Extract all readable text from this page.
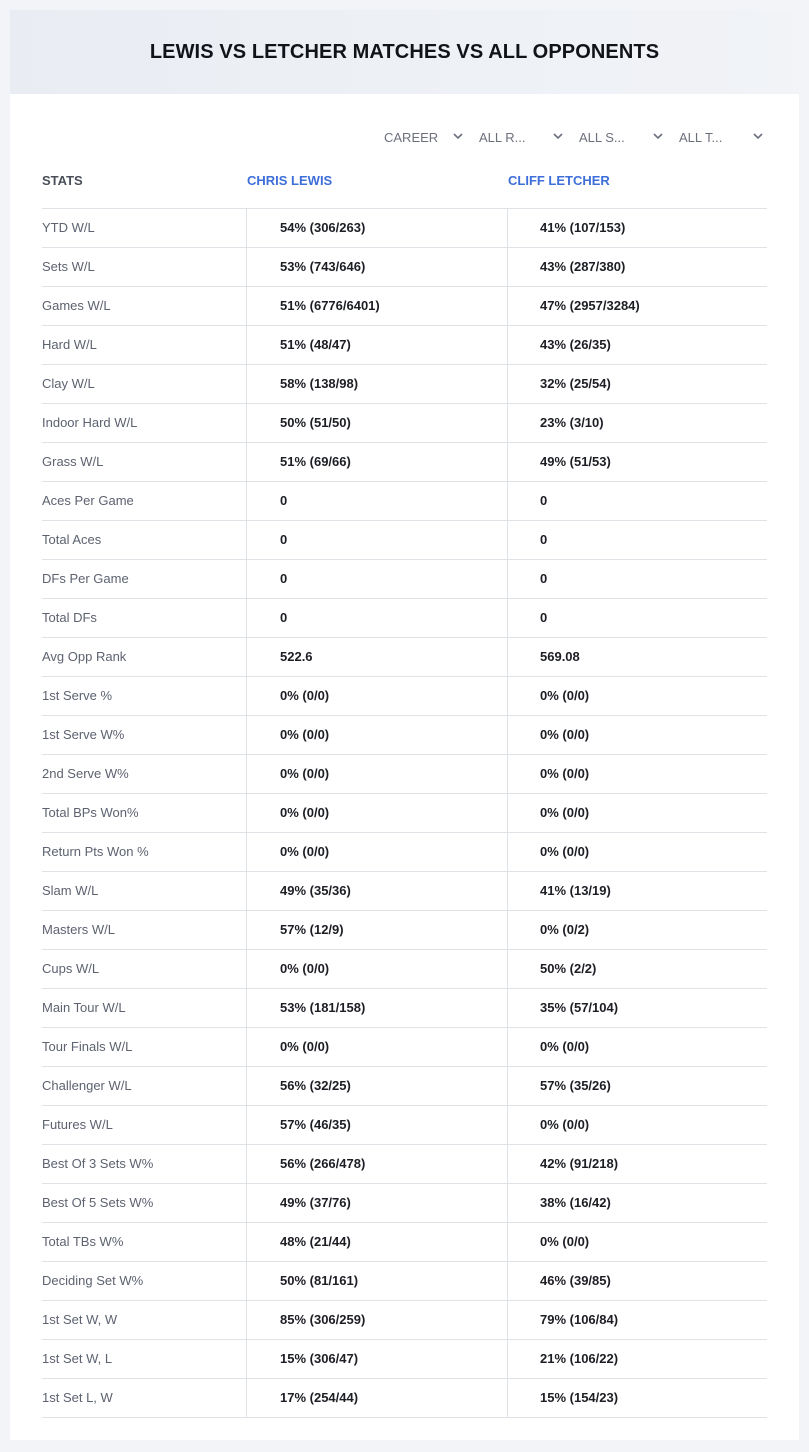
LEWIS VS LETCHER MATCHES VS ALL OPPONENTS
CAREER	ALL R...	ALL S...	ALL T...
STATS	CHRIS LEWIS	CLIFF LETCHER
YTD W/L	54% (306/263)	41% (107/153)
Sets W/L	53% (743/646)	43% (287/380)
Games W/L	51% (6776/6401)	47% (2957/3284)
Hard W/L	51% (48/47)	43% (26/35)
Clay W/L	58% (138/98)	32% (25/54)
Indoor Hard W/L	50% (51/50)	23% (3/10)
Grass W/L	51% (69/66)	49% (51/53)
Aces Per Game	0	0
Total Aces	0	0
DFs Per Game	0	0
Total DFs	0	0
Avg Opp Rank	522.6	569.08
1st Serve %	0% (0/0)	0% (0/0)
1st Serve W%	0% (0/0)	0% (0/0)
2nd Serve W%	0% (0/0)	0% (0/0)
Total BPs Won%	0% (0/0)	0% (0/0)
Return Pts Won %	0% (0/0)	0% (0/0)
Slam W/L	49% (35/36)	41% (13/19)
Masters W/L	57% (12/9)	0% (0/2)
Cups W/L	0% (0/0)	50% (2/2)
Main Tour W/L	53% (181/158)	35% (57/104)
Tour Finals W/L	0% (0/0)	0% (0/0)
Challenger W/L	56% (32/25)	57% (35/26)
Futures W/L	57% (46/35)	0% (0/0)
Best Of 3 Sets W%	56% (266/478)	42% (91/218)
Best Of 5 Sets W%	49% (37/76)	38% (16/42)
Total TBs W%	48% (21/44)	0% (0/0)
Deciding Set W%	50% (81/161)	46% (39/85)
1st Set W, W	85% (306/259)	79% (106/84)
1st Set W, L	15% (306/47)	21% (106/22)
1st Set L, W	17% (254/44)	15% (154/23)
